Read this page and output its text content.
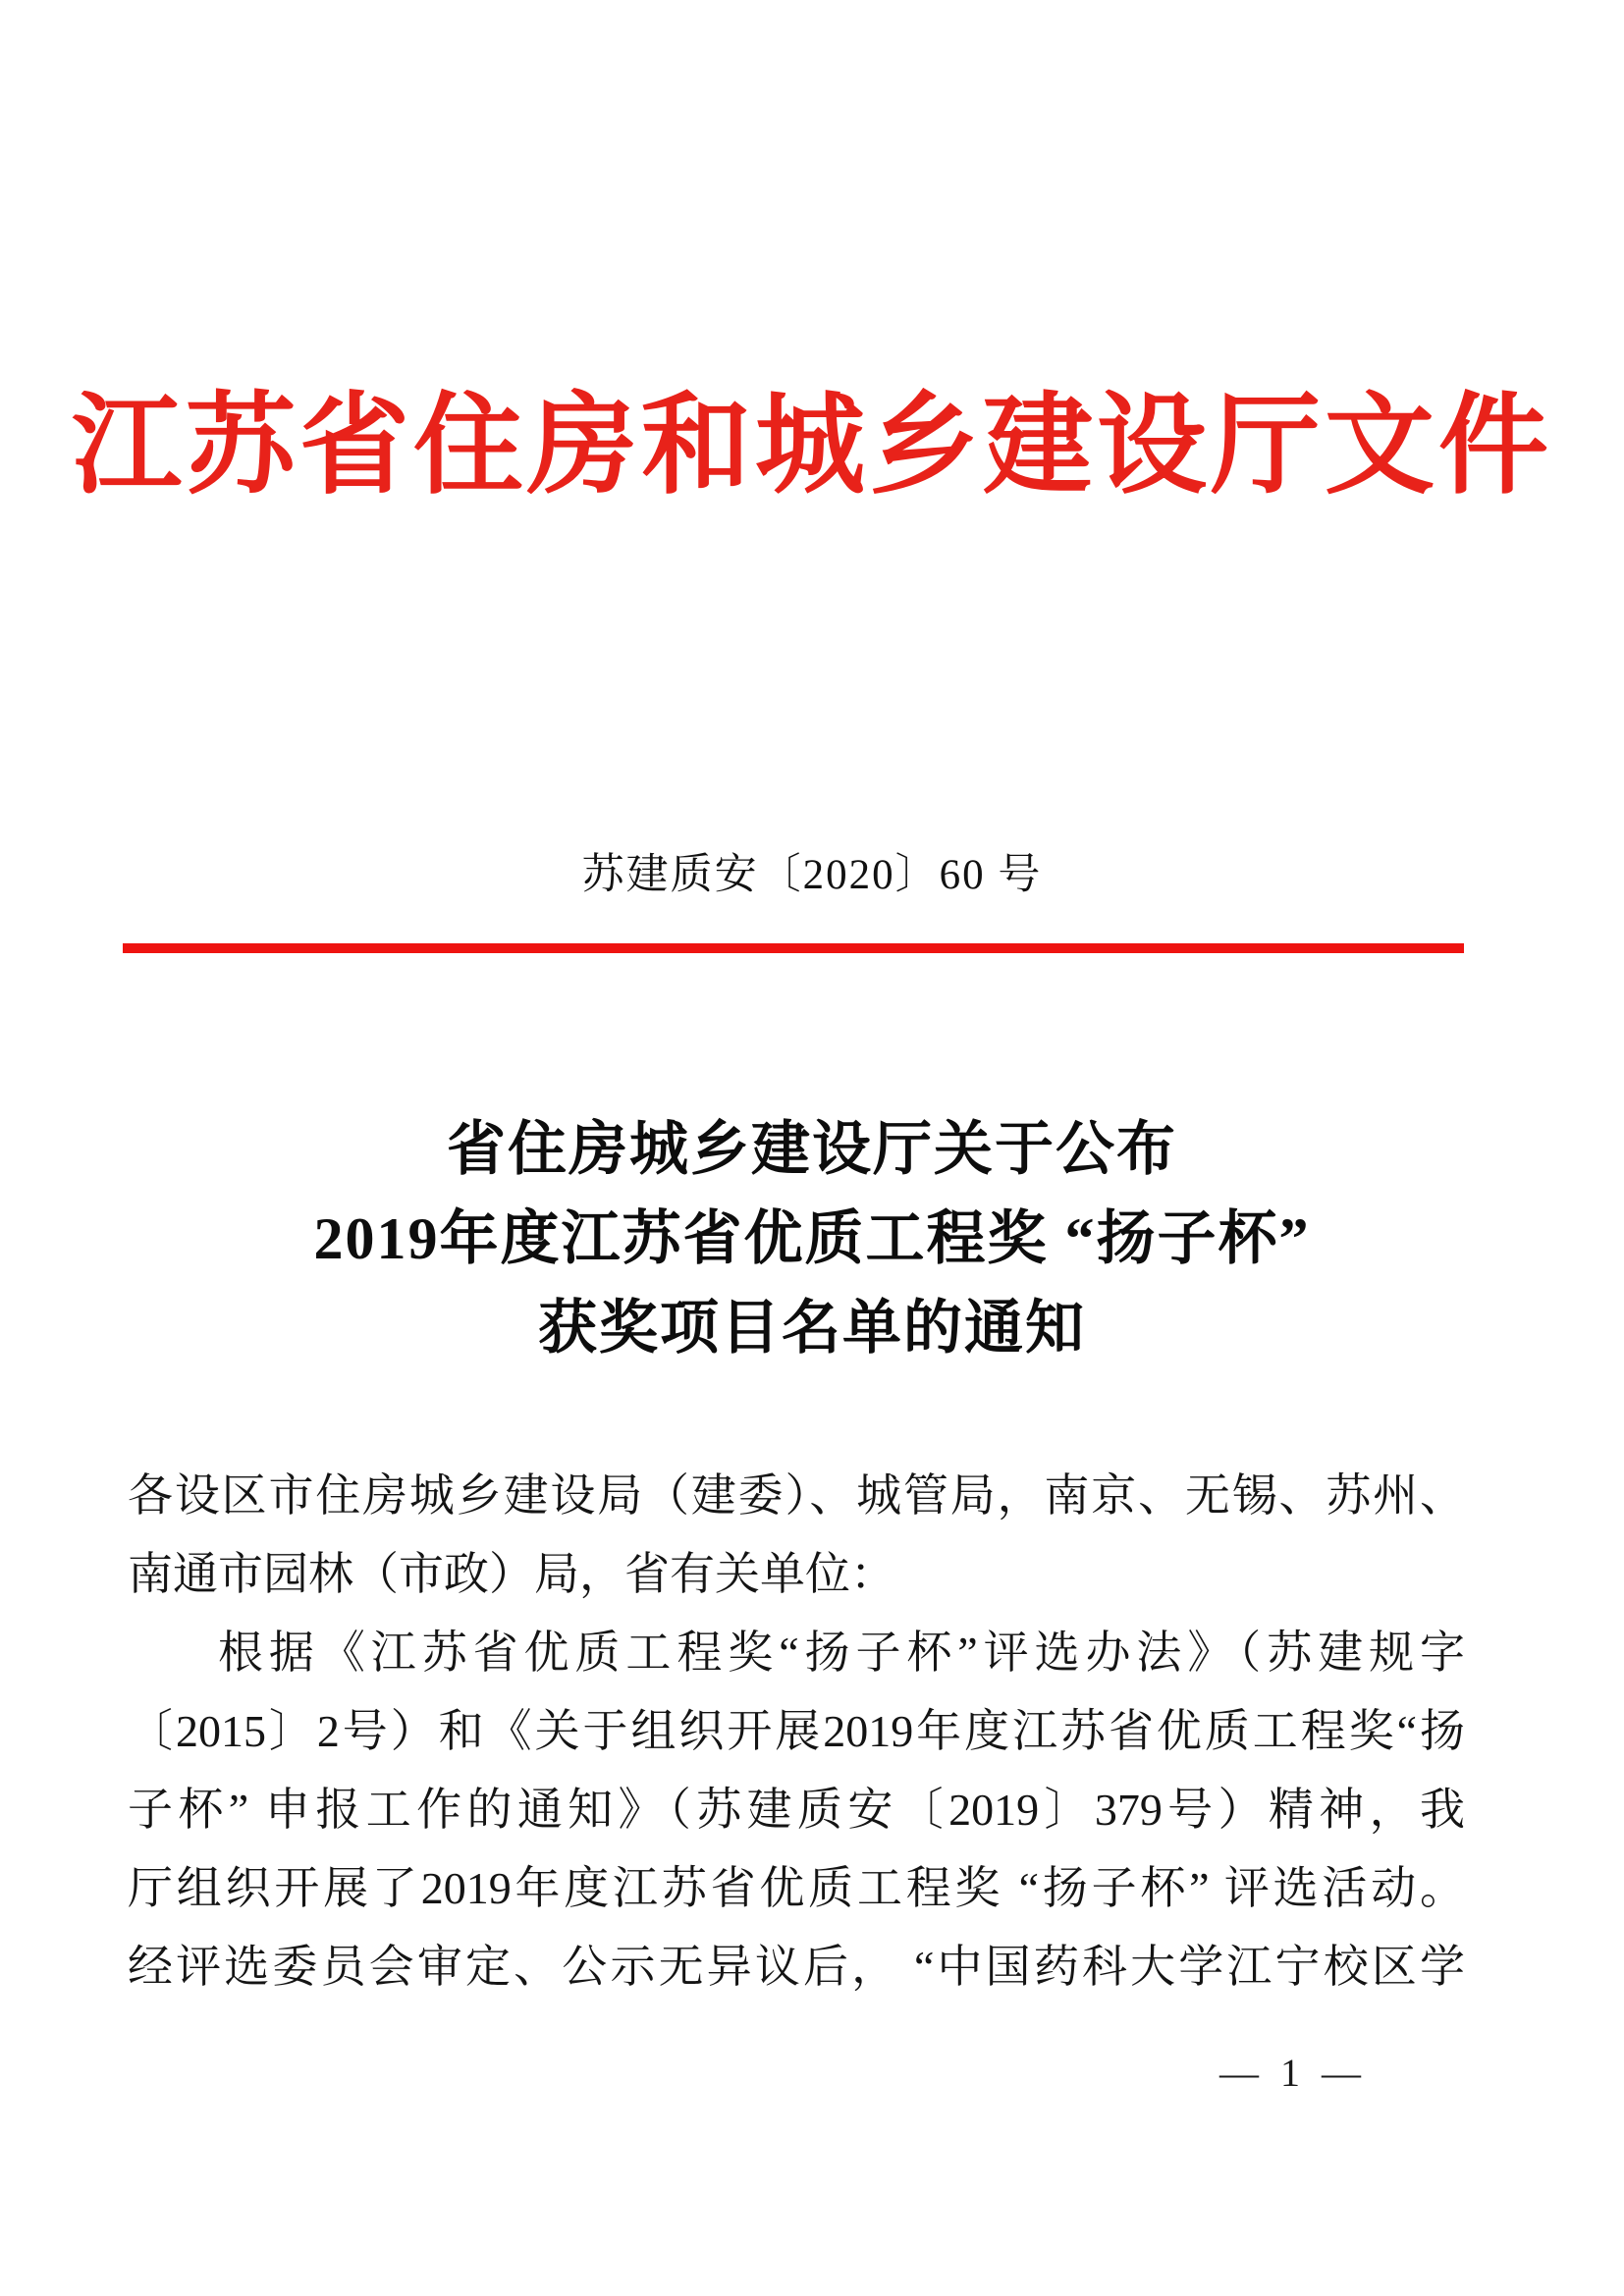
江苏省住房和城乡建设厅文件
苏建质安〔2020〕60 号
省住房城乡建设厅关于公布
2019年度江苏省优质工程奖 “扬子杯”
获奖项目名单的通知
各设区市住房城乡建设局（建委）、城管局，南京、无锡、苏州、
南通市园林（市政）局，省有关单位：
根据《江苏省优质工程奖“扬子杯”评选办法》（苏建规字
〔2015〕2号）和《关于组织开展2019年度江苏省优质工程奖“扬
子杯” 申报工作的通知》（苏建质安〔2019〕379号）精神，我
厅组织开展了2019年度江苏省优质工程奖 “扬子杯” 评选活动。
经评选委员会审定、公示无异议后， “中国药科大学江宁校区学
— 1 —
